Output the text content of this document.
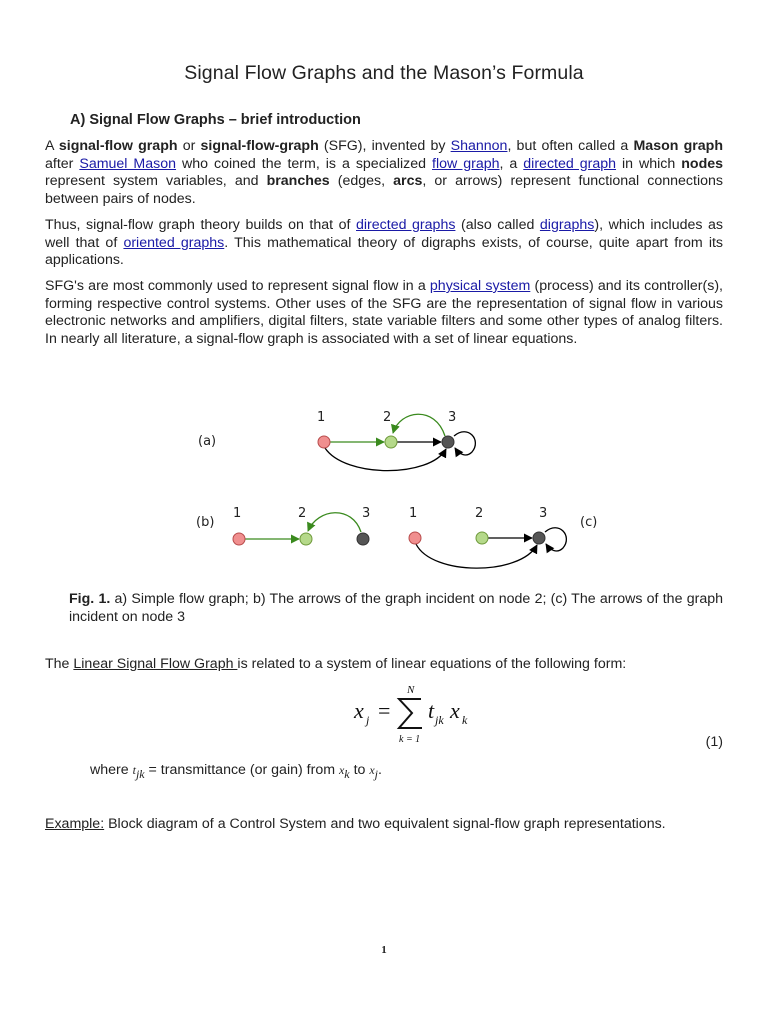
Signal Flow Graphs and the Mason’s Formula
A) Signal Flow Graphs – brief introduction
A signal-flow graph or signal-flow-graph (SFG), invented by Shannon, but often called a Mason graph after Samuel Mason who coined the term, is a specialized flow graph, a directed graph in which nodes represent system variables, and branches (edges, arcs, or arrows) represent functional connections between pairs of nodes.
Thus, signal-flow graph theory builds on that of directed graphs (also called digraphs), which includes as well that of oriented graphs. This mathematical theory of digraphs exists, of course, quite apart from its applications.
SFG's are most commonly used to represent signal flow in a physical system (process) and its controller(s), forming respective control systems. Other uses of the SFG are the representation of signal flow in various electronic networks and amplifiers, digital filters, state variable filters and some other types of analog filters. In nearly all literature, a signal-flow graph is associated with a set of linear equations.
(a)
1	2	3
(b)
1	2	3
(c)
1	2	3
Fig. 1. a) Simple flow graph; b) The arrows of the graph incident on node 2; (c) The arrows of the graph incident on node 3
The Linear Signal Flow Graph is related to a system of linear equations of the following form:
x j =
N
k = 1
t jk x k
(1)
where $t_{jk}$ = transmittance (or gain) from $x_k$ to $x_j$.
Example: Block diagram of a Control System and two equivalent signal-flow graph representations.
1
